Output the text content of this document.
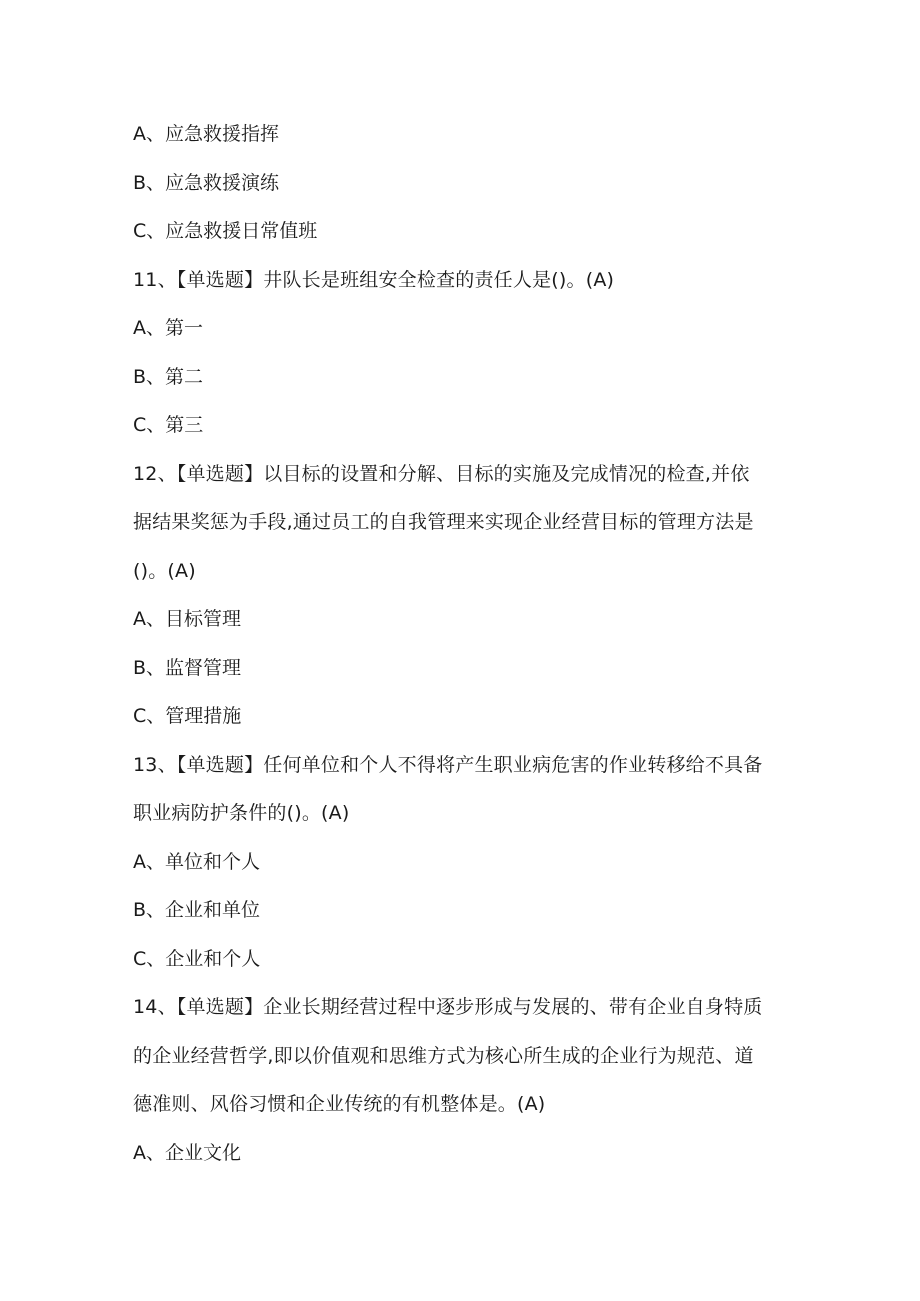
A、应急救援指挥
B、应急救援演练
C、应急救援日常值班
11、【单选题】井队长是班组安全检查的责任人是()。(A)
A、第一
B、第二
C、第三
12、【单选题】以目标的设置和分解、目标的实施及完成情况的检查,并依
据结果奖惩为手段,通过员工的自我管理来实现企业经营目标的管理方法是
()。(A)
A、目标管理
B、监督管理
C、管理措施
13、【单选题】任何单位和个人不得将产生职业病危害的作业转移给不具备
职业病防护条件的()。(A)
A、单位和个人
B、企业和单位
C、企业和个人
14、【单选题】企业长期经营过程中逐步形成与发展的、带有企业自身特质
的企业经营哲学,即以价值观和思维方式为核心所生成的企业行为规范、道
德准则、风俗习惯和企业传统的有机整体是。(A)
A、企业文化
